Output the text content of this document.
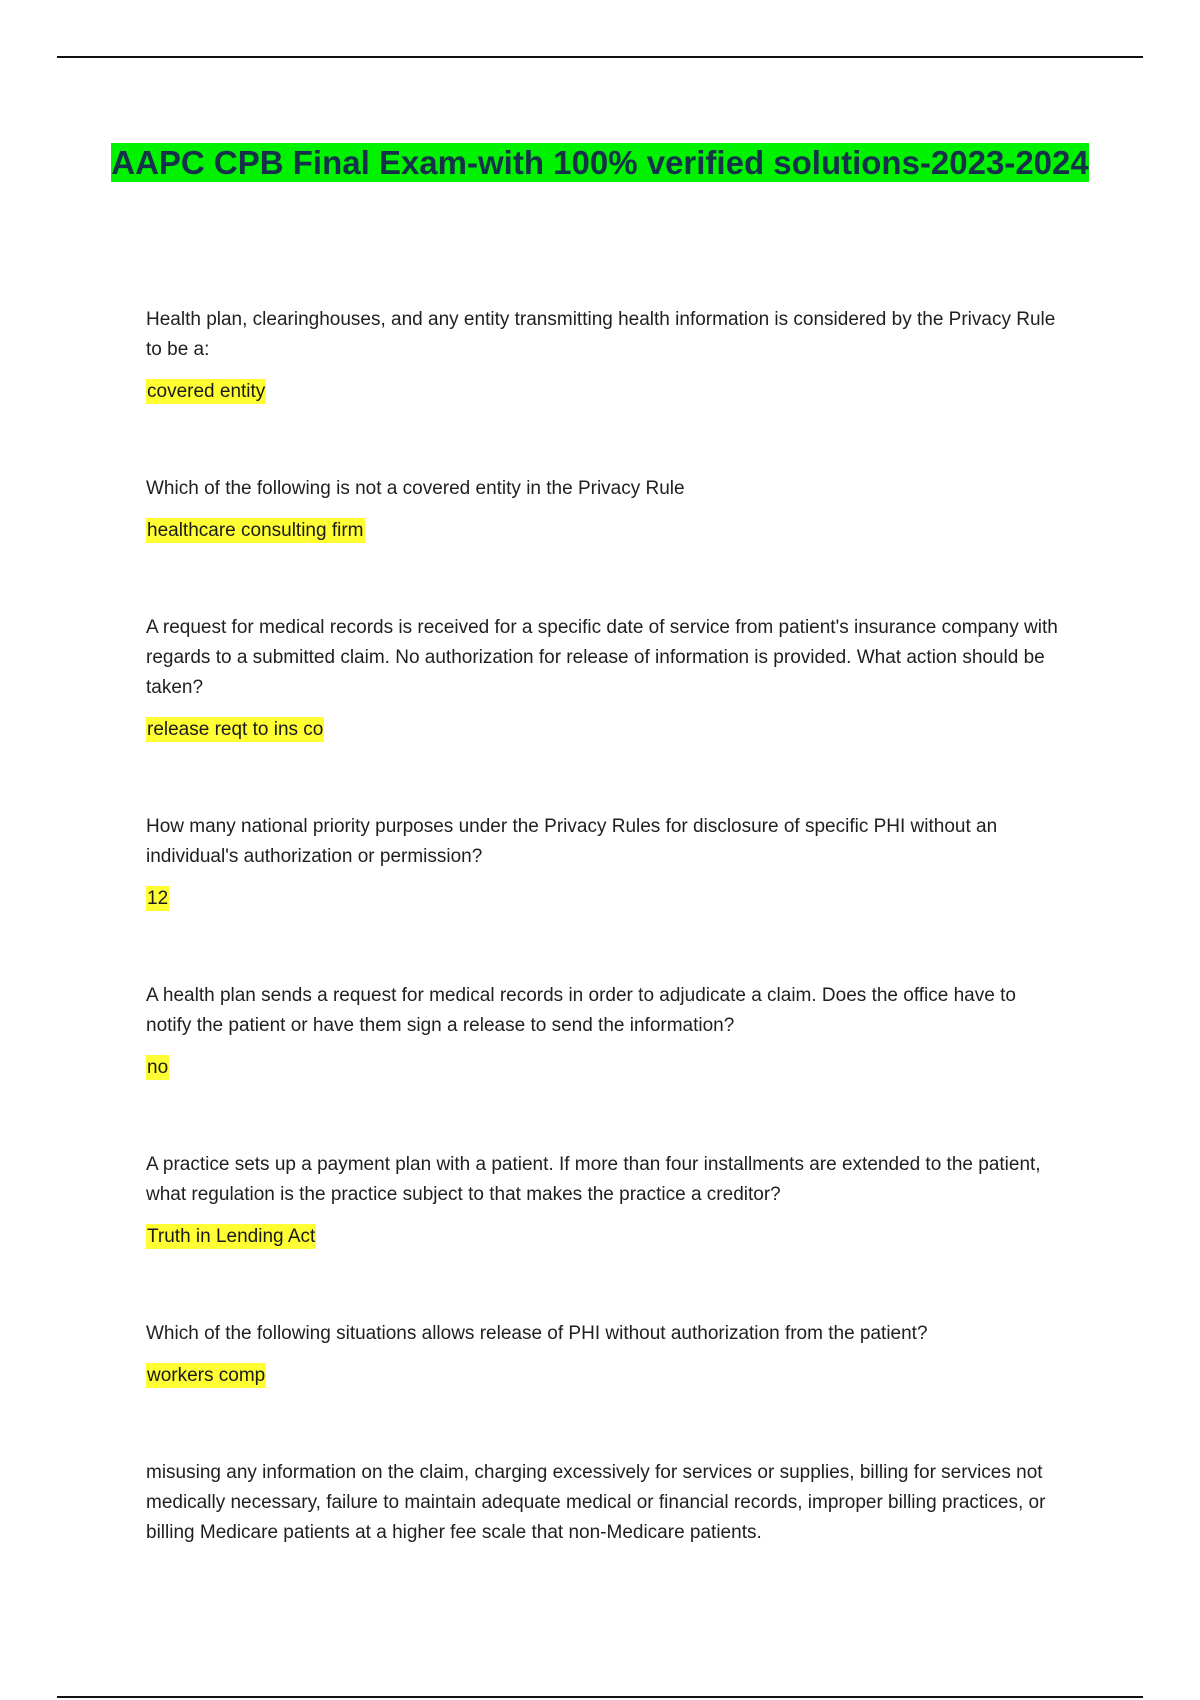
AAPC CPB Final Exam-with 100% verified solutions-2023-2024

Health plan, clearinghouses, and any entity transmitting health information is considered by the Privacy Rule to be a:

covered entity

Which of the following is not a covered entity in the Privacy Rule

healthcare consulting firm

A request for medical records is received for a specific date of service from patient's insurance company with regards to a submitted claim. No authorization for release of information is provided. What action should be taken?

release reqt to ins co

How many national priority purposes under the Privacy Rules for disclosure of specific PHI without an individual's authorization or permission?

12

A health plan sends a request for medical records in order to adjudicate a claim. Does the office have to notify the patient or have them sign a release to send the information?

no

A practice sets up a payment plan with a patient. If more than four installments are extended to the patient, what regulation is the practice subject to that makes the practice a creditor?

Truth in Lending Act

Which of the following situations allows release of PHI without authorization from the patient?

workers comp

misusing any information on the claim, charging excessively for services or supplies, billing for services not medically necessary, failure to maintain adequate medical or financial records, improper billing practices, or billing Medicare patients at a higher fee scale that non-Medicare patients.
